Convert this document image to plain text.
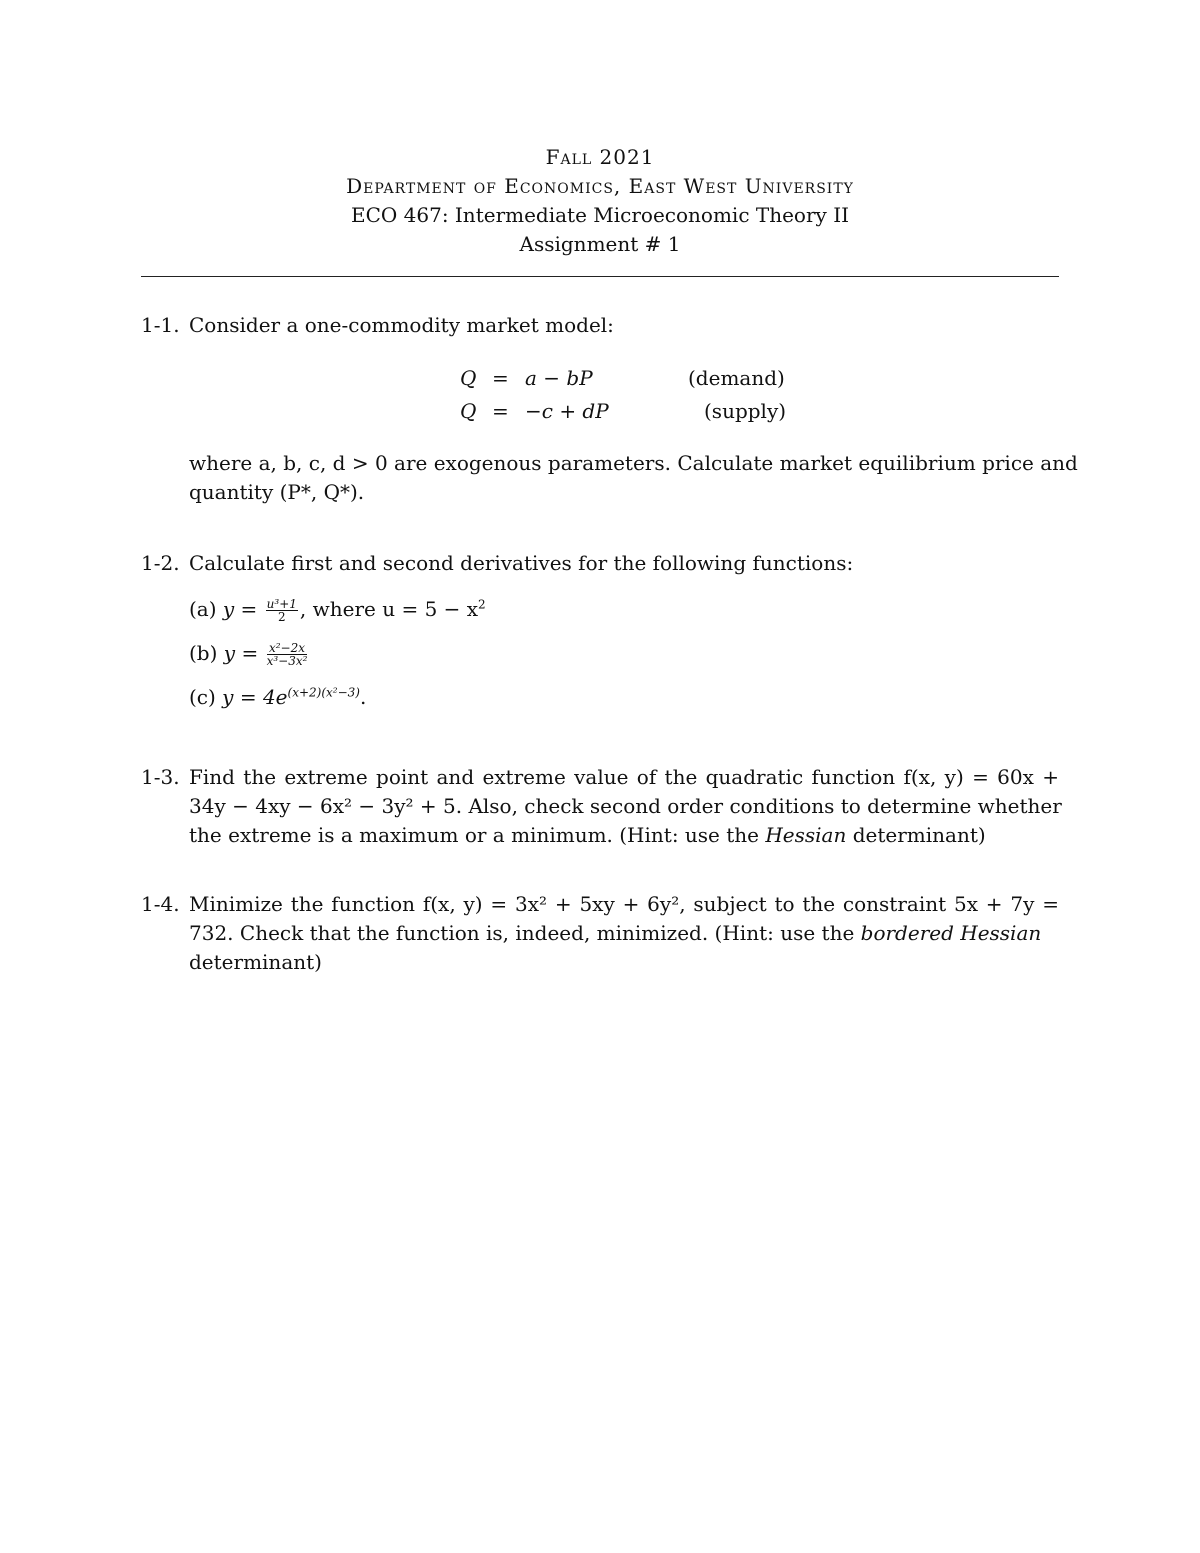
Fall 2021
Department of Economics, East West University
ECO 467: Intermediate Microeconomic Theory II
Assignment # 1
1-1. Consider a one-commodity market model:
Q = a − bP	(demand)
Q = −c + dP	(supply)
where a, b, c, d > 0 are exogenous parameters. Calculate market equilibrium price and
quantity (P*, Q*).
1-2. Calculate first and second derivatives for the following functions:
(a) $y = \frac{\text{u³+1}}{2}$ , where $u = 5 - x^2$
(b) $y = \frac{\text{x²−2x}}{\text{x³−3x²}}$
(c) $y = 4e^{(x+2)(x^2-3)}$.
1-3. Find the extreme point and extreme value of the quadratic function f(x, y) = 60x +
34y − 4xy − 6x² − 3y² + 5. Also, check second order conditions to determine whether
the extreme is a maximum or a minimum. (Hint: use the Hessian determinant)
1-4. Minimize the function f(x, y) = 3x² + 5xy + 6y², subject to the constraint 5x + 7y =
732. Check that the function is, indeed, minimized. (Hint: use the bordered Hessian
determinant)
